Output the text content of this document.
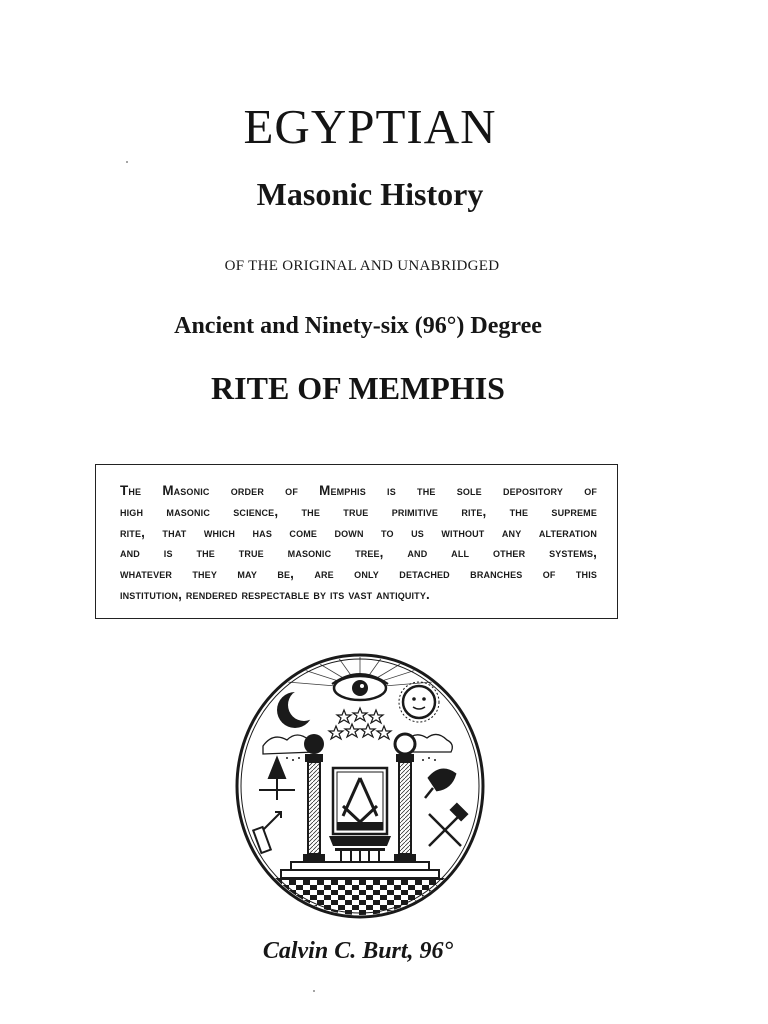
EGYPTIAN
Masonic History
OF THE ORIGINAL AND UNABRIDGED
Ancient and Ninety-six (96°) Degree
RITE OF MEMPHIS
The Masonic order of Memphis is the sole depository of
high masonic science, the true primitive rite, the supreme
rite, that which has come down to us without any alteration
and is the true masonic tree, and all other systems,
whatever they may be, are only detached branches of this
institution, rendered respectable by its vast antiquity.
Calvin C. Burt, 96°
